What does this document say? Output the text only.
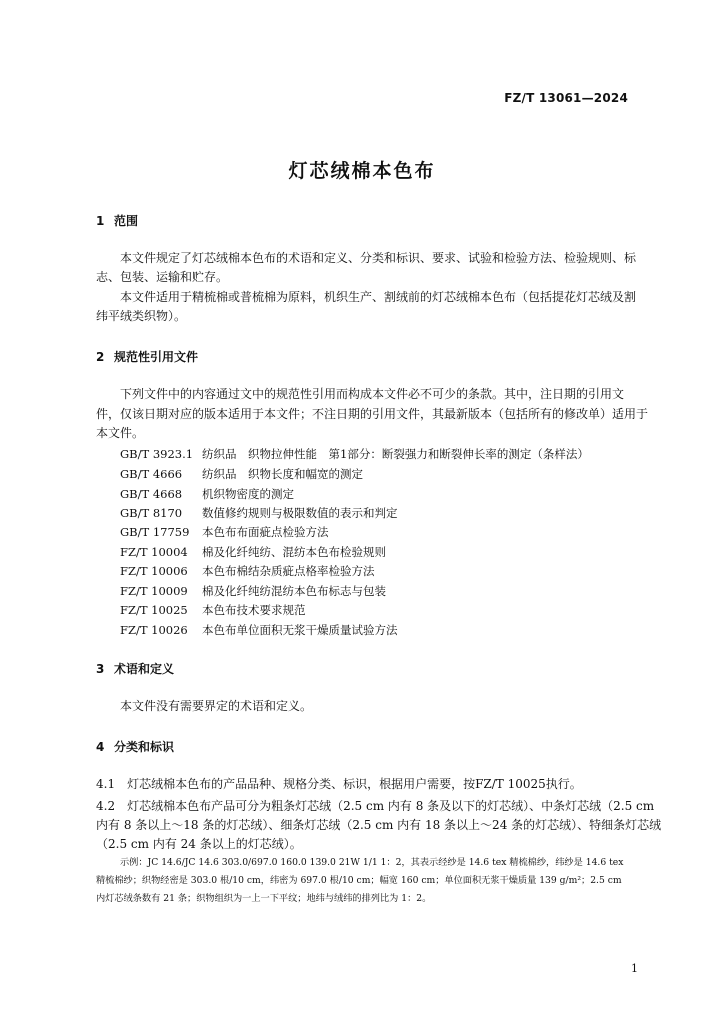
FZ/T 13061—2024
灯芯绒棉本色布
1 范围
本文件规定了灯芯绒棉本色布的术语和定义、分类和标识、要求、试验和检验方法、检验规则、标
志、包装、运输和贮存。
本文件适用于精梳棉或普梳棉为原料，机织生产、割绒前的灯芯绒棉本色布（包括提花灯芯绒及割
纬平绒类织物）。
2 规范性引用文件
下列文件中的内容通过文中的规范性引用而构成本文件必不可少的条款。其中，注日期的引用文
件，仅该日期对应的版本适用于本文件；不注日期的引用文件，其最新版本（包括所有的修改单）适用于
本文件。
GB/T 3923.1 纺织品　织物拉伸性能　第1部分：断裂强力和断裂伸长率的测定（条样法）
GB/T 4666 纺织品　织物长度和幅宽的测定
GB/T 4668 机织物密度的测定
GB/T 8170 数值修约规则与极限数值的表示和判定
GB/T 17759 本色布布面疵点检验方法
FZ/T 10004 棉及化纤纯纺、混纺本色布检验规则
FZ/T 10006 本色布棉结杂质疵点格率检验方法
FZ/T 10009 棉及化纤纯纺混纺本色布标志与包装
FZ/T 10025 本色布技术要求规范
FZ/T 10026 本色布单位面积无浆干燥质量试验方法
3 术语和定义
本文件没有需要界定的术语和定义。
4 分类和标识
4.1　灯芯绒棉本色布的产品品种、规格分类、标识，根据用户需要，按FZ/T 10025执行。
4.2　灯芯绒棉本色布产品可分为粗条灯芯绒（2.5 cm 内有 8 条及以下的灯芯绒）、中条灯芯绒（2.5 cm
内有 8 条以上～18 条的灯芯绒）、细条灯芯绒（2.5 cm 内有 18 条以上～24 条的灯芯绒）、特细条灯芯绒
（2.5 cm 内有 24 条以上的灯芯绒）。
示例：JC 14.6/JC 14.6 303.0/697.0 160.0 139.0 21W 1/1 1：2，其表示经纱是 14.6 tex 精梳棉纱，纬纱是 14.6 tex
精梳棉纱；织物经密是 303.0 根/10 cm，纬密为 697.0 根/10 cm；幅宽 160 cm；单位面积无浆干燥质量 139 g/m²；2.5 cm
内灯芯绒条数有 21 条；织物组织为一上一下平纹；地纬与绒纬的排列比为 1：2。
1
